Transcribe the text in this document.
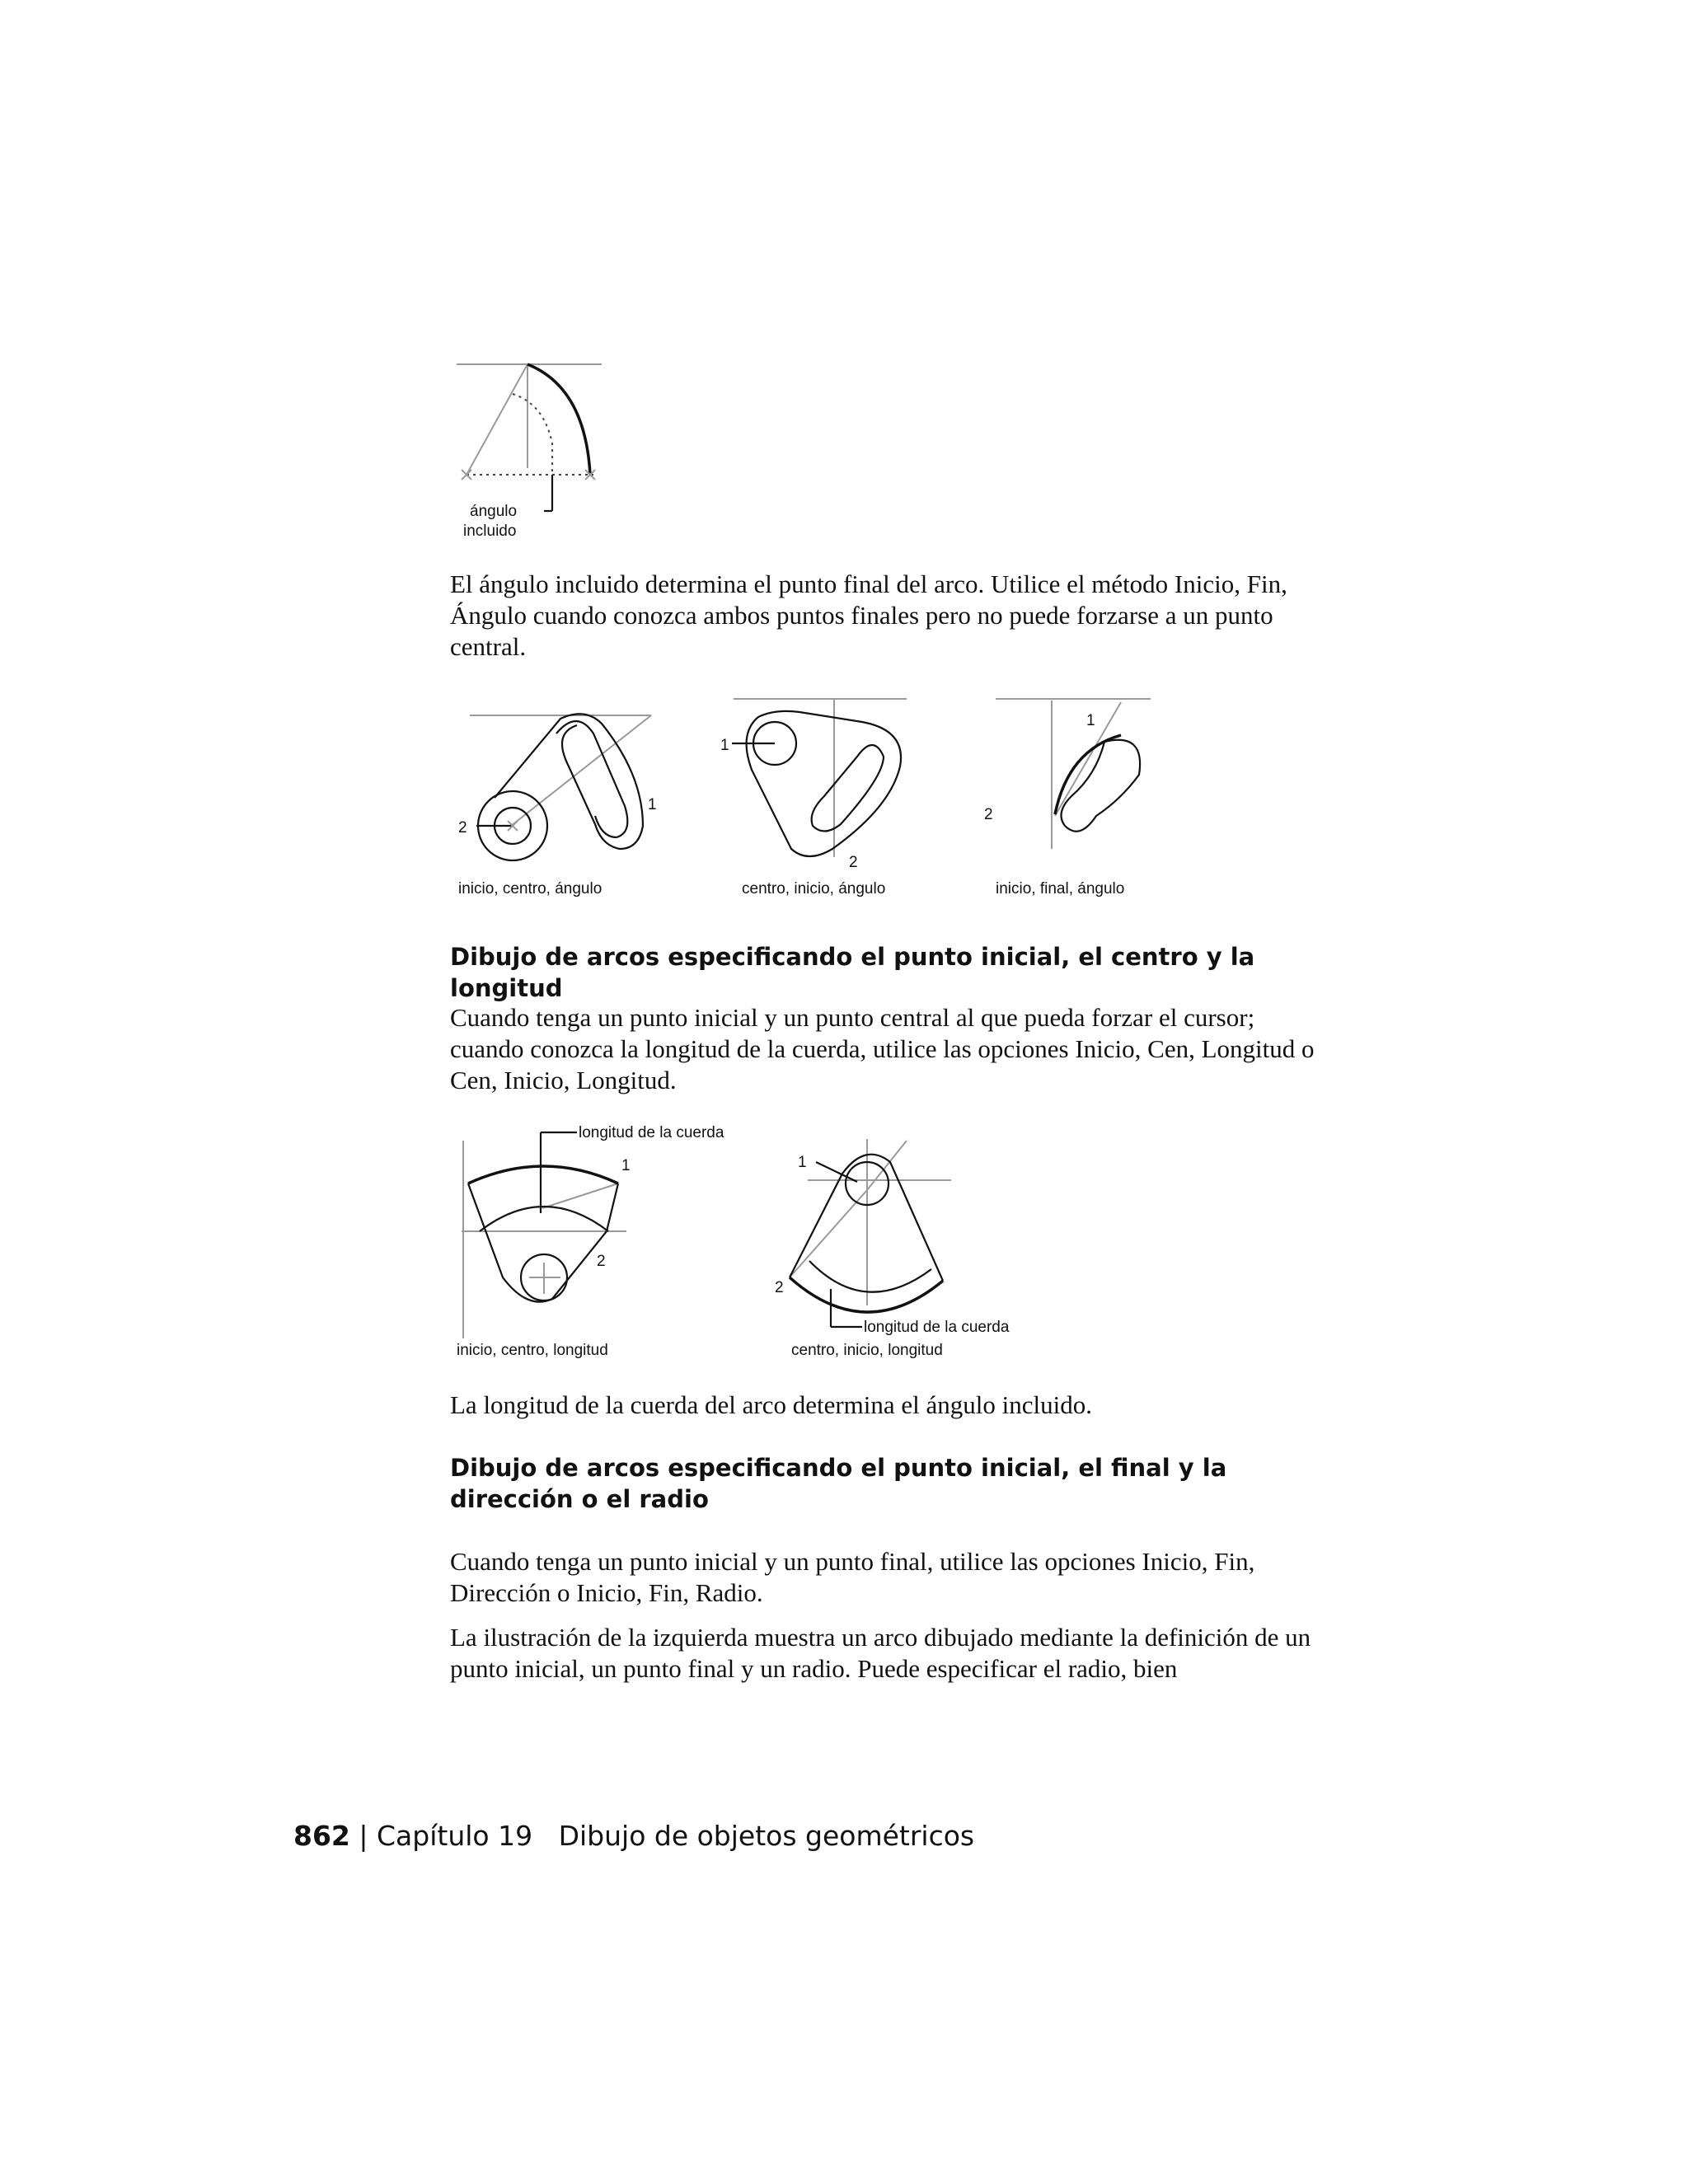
ángulo
incluido

El ángulo incluido determina el punto final del arco. Utilice el método Inicio, Fin, Ángulo cuando conozca ambos puntos finales pero no puede forzarse a un punto central.

2
1
inicio, centro, ángulo
1
2
centro, inicio, ángulo
1
2
inicio, final, ángulo
Dibujo de arcos especificando el punto inicial, el centro y la longitud

Cuando tenga un punto inicial y un punto central al que pueda forzar el cursor; cuando conozca la longitud de la cuerda, utilice las opciones Inicio, Cen, Longitud o Cen, Inicio, Longitud.

longitud de la cuerda
1
2
inicio, centro, longitud
1
2
longitud de la cuerda
centro, inicio, longitud

La longitud de la cuerda del arco determina el ángulo incluido.

Dibujo de arcos especificando el punto inicial, el final y la dirección o el radio

Cuando tenga un punto inicial y un punto final, utilice las opciones Inicio, Fin, Dirección o Inicio, Fin, Radio.

La ilustración de la izquierda muestra un arco dibujado mediante la definición de un punto inicial, un punto final y un radio. Puede especificar el radio, bien

862 | Capítulo 19 Dibujo de objetos geométricos
